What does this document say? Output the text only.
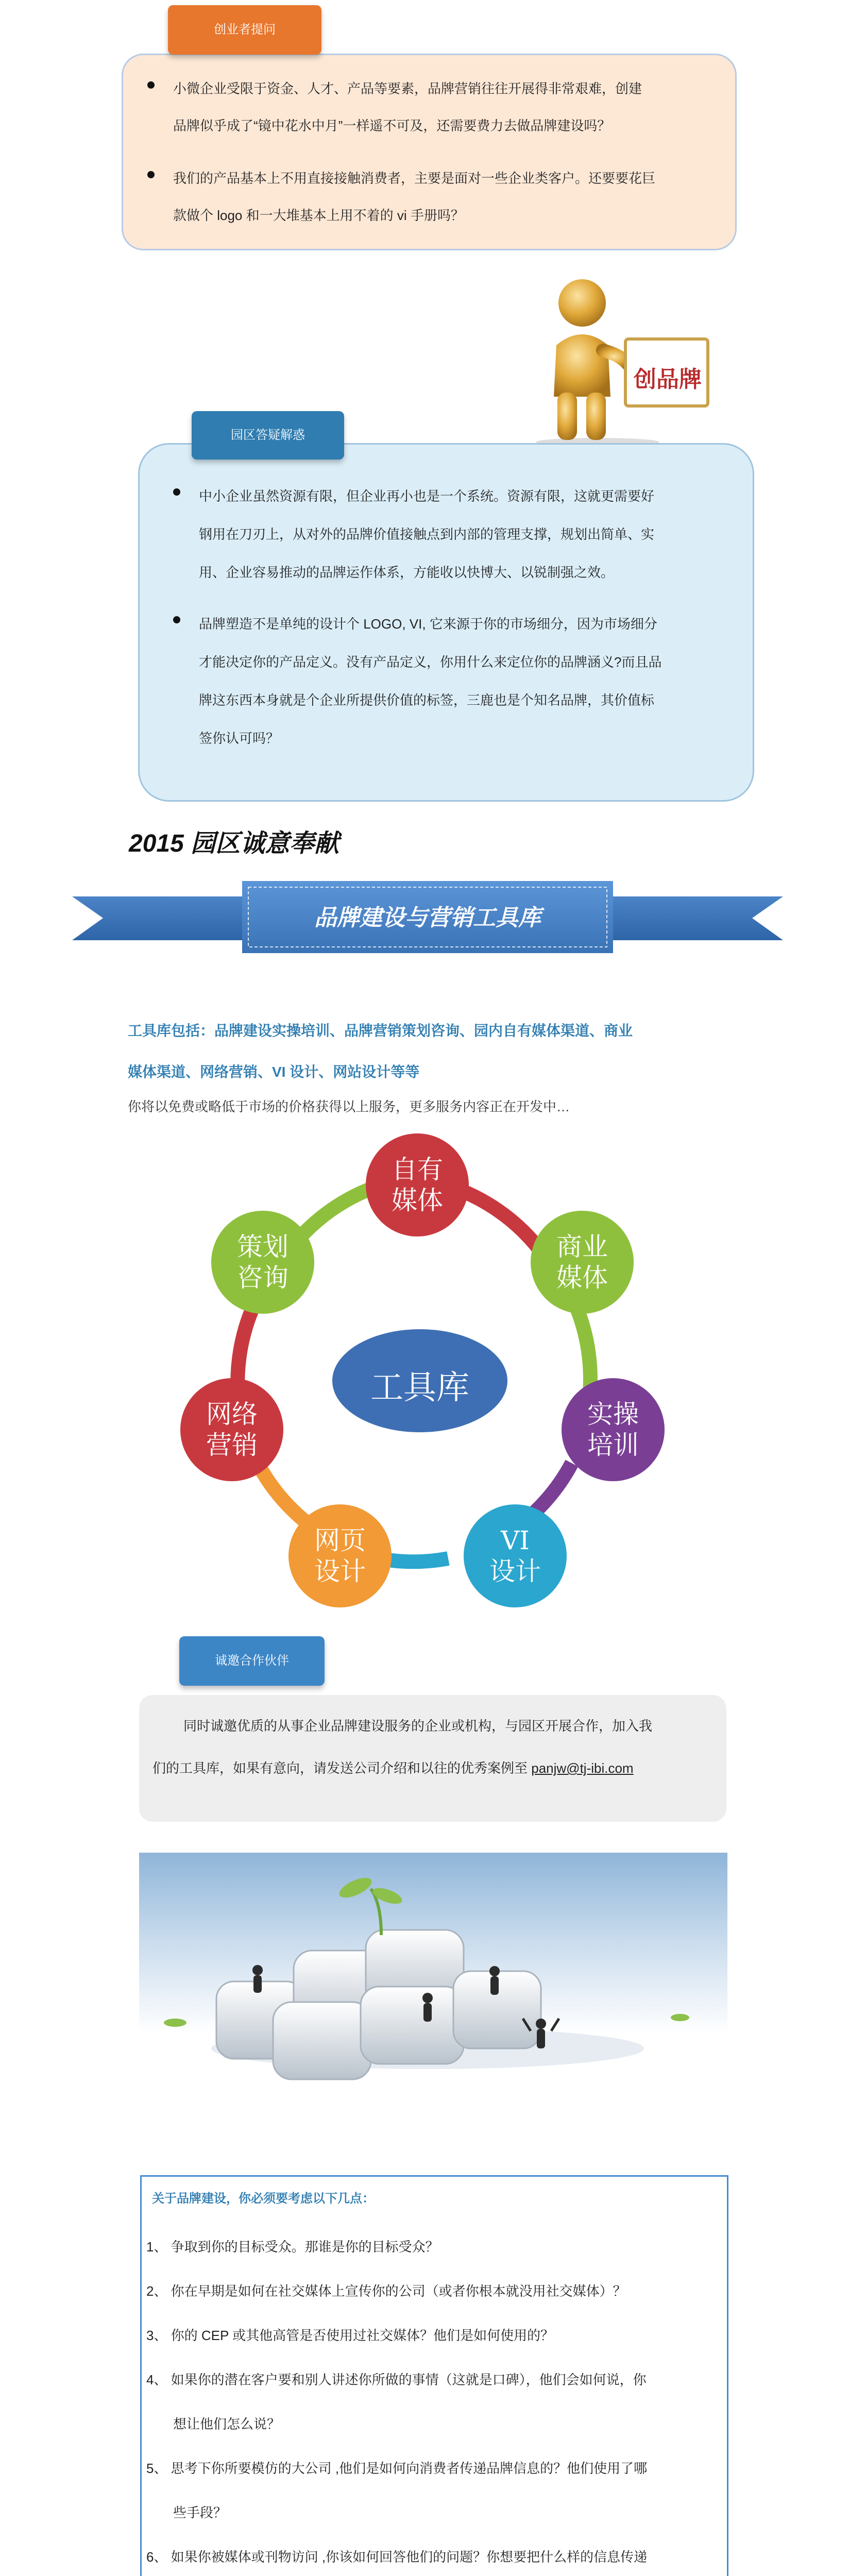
创业者提问
小微企业受限于资金、人才、产品等要素，品牌营销往往开展得非常艰难，创建
品牌似乎成了“镜中花水中月”一样遥不可及，还需要费力去做品牌建设吗？
我们的产品基本上不用直接接触消费者，主要是面对一些企业类客户。还要要花巨
款做个 logo 和一大堆基本上用不着的 vi 手册吗？
创品牌
园区答疑解惑
中小企业虽然资源有限，但企业再小也是一个系统。资源有限，这就更需要好
钢用在刀刃上，从对外的品牌价值接触点到内部的管理支撑，规划出简单、实
用、企业容易推动的品牌运作体系，方能收以快博大、以锐制强之效。
品牌塑造不是单纯的设计个 LOGO, VI, 它来源于你的市场细分，因为市场细分
才能决定你的产品定义。没有产品定义，你用什么来定位你的品牌涵义?而且品
牌这东西本身就是个企业所提供价值的标签，三鹿也是个知名品牌，其价值标
签你认可吗？
2015 园区诚意奉献
品牌建设与营销工具库
工具库包括：品牌建设实操培训、品牌营销策划咨询、园内自有媒体渠道、商业
媒体渠道、网络营销、VI 设计、网站设计等等
你将以免费或略低于市场的价格获得以上服务，更多服务内容正在开发中…
工具库
自有
媒体
商业
媒体
实操
培训
VI
设计
网页
设计
网络
营销
策划
咨询
诚邀合作伙伴
同时诚邀优质的从事企业品牌建设服务的企业或机构，与园区开展合作，加入我
们的工具库，如果有意向，请发送公司介绍和以往的优秀案例至 panjw@tj-ibi.com
关于品牌建设，你必须要考虑以下几点：
1、 争取到你的目标受众。那谁是你的目标受众？
2、 你在早期是如何在社交媒体上宣传你的公司（或者你根本就没用社交媒体）？
3、 你的 CEP 或其他高管是否使用过社交媒体？他们是如何使用的？
4、 如果你的潜在客户要和别人讲述你所做的事情（这就是口碑），他们会如何说，你
想让他们怎么说？
5、 思考下你所要模仿的大公司 ,他们是如何向消费者传递品牌信息的？他们使用了哪
些手段？
6、 如果你被媒体或刊物访问 ,你该如何回答他们的问题？你想要把什么样的信息传递
